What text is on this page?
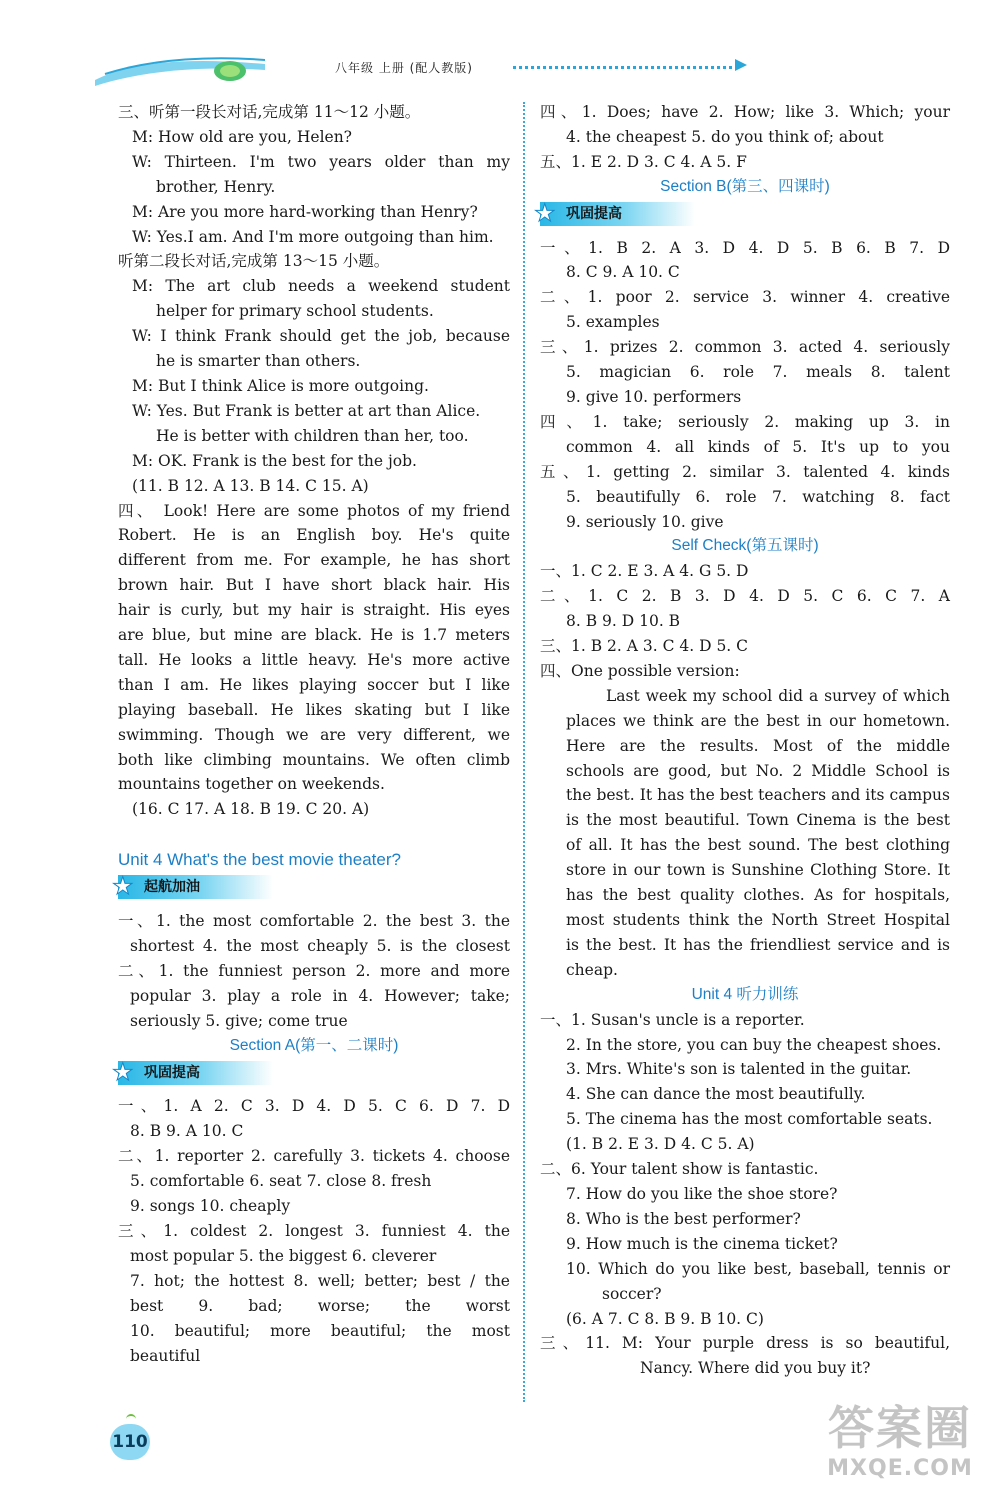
八年级 上册 (配人教版)
三、听第一段长对话,完成第 11～12 小题。
M: How old are you, Helen?
W: Thirteen. I'm two years older than my
brother, Henry.
M: Are you more hard-working than Henry?
W: Yes.I am. And I'm more outgoing than him.
听第二段长对话,完成第 13～15 小题。
M: The art club needs a weekend student
helper for primary school students.
W: I think Frank should get the job, because
he is smarter than others.
M: But I think Alice is more outgoing.
W: Yes. But Frank is better at art than Alice.
He is better with children than her, too.
M: OK. Frank is the best for the job.
(11. B 12. A 13. B 14. C 15. A)
四、 Look! Here are some photos of my friend
Robert. He is an English boy. He's quite
different from me. For example, he has short
brown hair. But I have short black hair. His
hair is curly, but my hair is straight. His eyes
are blue, but mine are black. He is 1.7 meters
tall. He looks a little heavy. He's more active
than I am. He likes playing soccer but I like
playing baseball. He likes skating but I like
swimming. Though we are very different, we
both like climbing mountains. We often climb
mountains together on weekends.
(16. C 17. A 18. B 19. C 20. A)
Unit 4 What's the best movie theater?
★ 起航加油
一、1. the most comfortable 2. the best 3. the
shortest 4. the most cheaply 5. is the closest
二、1. the funniest person 2. more and more
popular 3. play a role in 4. However; take;
seriously 5. give; come true
Section A(第一、二课时)
★ 巩固提高
一、1. A 2. C 3. D 4. D 5. C 6. D 7. D
8. B 9. A 10. C
二、1. reporter 2. carefully 3. tickets 4. choose
5. comfortable 6. seat 7. close 8. fresh
9. songs 10. cheaply
三、1. coldest 2. longest 3. funniest 4. the
most popular 5. the biggest 6. cleverer
7. hot; the hottest 8. well; better; best / the
best 9. bad; worse; the worst
10. beautiful; more beautiful; the most
beautiful
四、1. Does; have 2. How; like 3. Which; your
4. the cheapest 5. do you think of; about
五、1. E 2. D 3. C 4. A 5. F
Section B(第三、四课时)
★ 巩固提高
一、1. B 2. A 3. D 4. D 5. B 6. B 7. D
8. C 9. A 10. C
二、1. poor 2. service 3. winner 4. creative
5. examples
三、1. prizes 2. common 3. acted 4. seriously
5. magician 6. role 7. meals 8. talent
9. give 10. performers
四、1. take; seriously 2. making up 3. in
common 4. all kinds of 5. It's up to you
五、1. getting 2. similar 3. talented 4. kinds
5. beautifully 6. role 7. watching 8. fact
9. seriously 10. give
Self Check(第五课时)
一、1. C 2. E 3. A 4. G 5. D
二、1. C 2. B 3. D 4. D 5. C 6. C 7. A
8. B 9. D 10. B
三、1. B 2. A 3. C 4. D 5. C
四、One possible version:
Last week my school did a survey of which
places we think are the best in our hometown.
Here are the results. Most of the middle
schools are good, but No. 2 Middle School is
the best. It has the best teachers and its campus
is the most beautiful. Town Cinema is the best
of all. It has the best sound. The best clothing
store in our town is Sunshine Clothing Store. It
has the best quality clothes. As for hospitals,
most students think the North Street Hospital
is the best. It has the friendliest service and is
cheap.
Unit 4 听力训练
一、1. Susan's uncle is a reporter.
2. In the store, you can buy the cheapest shoes.
3. Mrs. White's son is talented in the guitar.
4. She can dance the most beautifully.
5. The cinema has the most comfortable seats.
(1. B 2. E 3. D 4. C 5. A)
二、6. Your talent show is fantastic.
7. How do you like the shoe store?
8. Who is the best performer?
9. How much is the cinema ticket?
10. Which do you like best, baseball, tennis or
soccer?
(6. A 7. C 8. B 9. B 10. C)
三、11. M: Your purple dress is so beautiful,
Nancy. Where did you buy it?
110	答案圈
MXQE.COM
